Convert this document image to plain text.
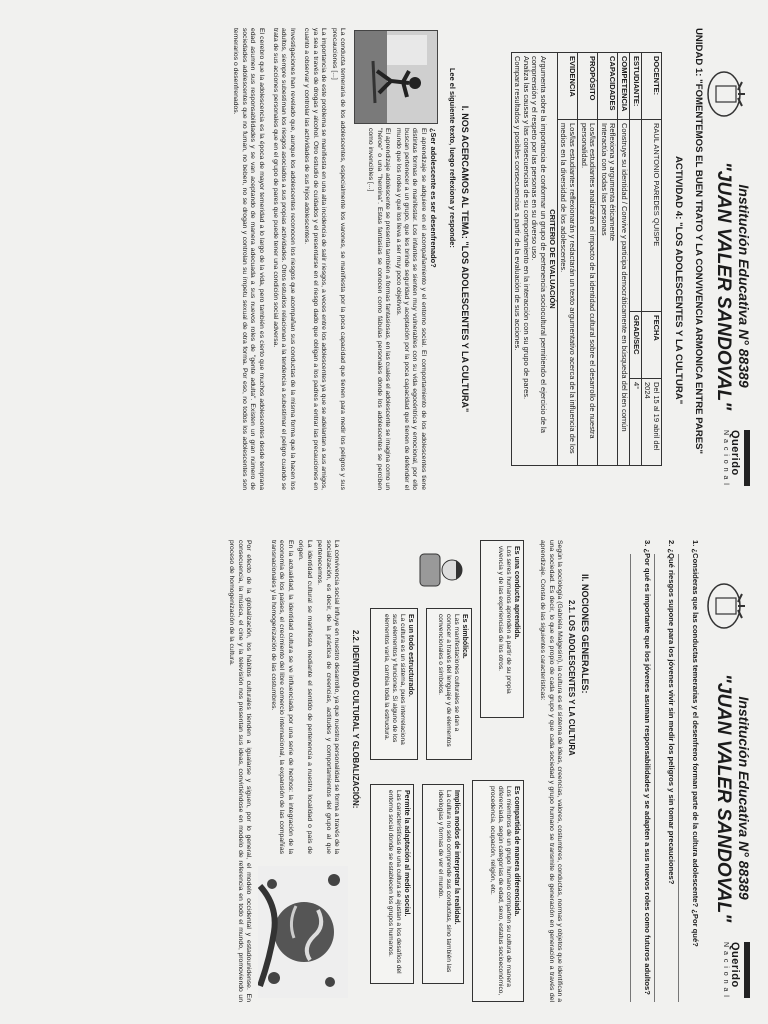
Institución Educativa N° 88389
"JUAN VALER SANDOVAL"
Querido
N a c i o n a l
UNIDAD 1: "FOMENTEMOS EL BUEN TRATO Y LA CONVIVENCIA ARMONICA ENTRE PARES"
ACTIVIDAD 4: "LOS ADOLESCENTES Y LA CULTURA"
DOCENTE:	RAUL ANTONIO PAREDES QUISPE	FECHA	Del 15 al 19 abril del 2024
ESTUDIANTE:		GRAD/SEC	4°
COMPETENCIA	Construye su identidad / Convive y participa democráticamente en búsqueda del bien común		
CAPACIDADES	Reflexiona y argumenta éticamente
Interactúa con todas las personas		

PROPÓSITO	Los/las estudiantes analizarán el impacto de la identidad cultural sobre el desarrollo de nuestra personalidad.		
EVIDENCIA	Los/las estudiantes reflexionarán y redactarán un texto argumentativo acerca de la influencia de los medios en la diversidad de los adolescentes.		

CRITERIO DE EVALUACIÓN
Argumenta sobre la importancia de conformar un grupo de pertenencia sociocultural permitiendo el ejercicio de la comprensión y el respeto por las personas en su diverso uso.
Analiza las causas y las consecuencias de su comportamiento en la interacción con su grupo de pares.
Compara resultados y posibles consecuencias a partir de la evaluación de sus acciones.			
I. NOS ACERCAMOS AL TEMA: "LOS ADOLESCENTES Y LA CULTURA"
Lee el siguiente texto, luego reflexiona y responde:
¿Ser adolescente es ser desenfrenado?

El aprendizaje se adquiere en el acompañamiento y el entorno social. El comportamiento de los adolescentes tiene distintas formas de manifestar. Los infantes se sienten muy vulnerables con su vida egocéntrica y emocional, por ello buscan pertenecer a un grupo, que les brinde seguridad y aceptación por la poca capacidad que tienen de defender el mundo que los rodea y que los lleva a ser muy poco objetivos.

El aprendizaje adolescente se presenta también a formas fantasiosas, en las cuales el adolescente se imagina como un "héroe" o una "heroína". Estas fantasías se conocen como fábulas personales donde los adolescentes se perciben como invencibles [...]

La conducta temeraria de los adolescentes, especialmente los varones, se manifiesta por la poca capacidad que tienen para medir los peligros y sus precauciones [...]

La importancia de este problema se manifiesta en una alta incidencia de salir riesgos, a veces entre los adolescentes ya que se adelantan a sus amigos, ya sea a través de drogas y alcohol. Otro estudio de cuidados y el presentarse en el riesgo dado que obligan a los padres a entrar las precauciones en cuanto a observar y controlar las actividades de sus hijos adolescentes.

Investigaciones han revelado que, aunque los adolescentes reconocen los riesgos que acompañan sus conductas de la misma forma que la hacen los adultos, siempre subestiman los riesgos asociados a sus propias actividades. Otros estudios relacionan a la tendencia a subestimar el peligro cuando se trata de sus acciones personales que en el grupo de pares que puede tener una condición social adversa.

El cerebro que la adolescencia es la época de mayor temeridad a lo largo de la vida, pero también es cierto que muchos adolescentes desde temprana edad asumen sus responsabilidades y se van aceptando de manera adecuada a sus nuevos roles de "gente adulta". Existen un gran número de sociedades adolescentes que no fuman, no beben, no se drogan y controlan su ímpetu sexual de otra forma. Por eso, no todos los adolescentes son temerarios o desenfrenados.

Institución Educativa N° 88389
"JUAN VALER SANDOVAL"
Querido
N a c i o n a l
1. ¿Consideras que las conductas temerarias y el desenfreno forman parte de la cultura adolescente? ¿Por qué?
2. ¿Qué riesgos supone para los jóvenes vivir sin medir los peligros y sin tomar precauciones?
3. ¿Por qué es importante que los jóvenes asuman responsabilidades y se adapten a sus nuevos roles como futuros adultos?
II. NOCIONES GENERALES:
2.1. LOS ADOLESCENTES Y LA CULTURA
Según la sociología (Gabriela Malgesini), la cultura es el sistema de ideas, creencias, valores, costumbres, conductas, normas y objetos que identifican a una sociedad. Es decir, lo que es propio de cada grupo y que cada sociedad y grupo humano se transmite de generación en generación a través del aprendizaje. Consta de las siguientes características:
Es una conducta aprendida.
Los seres humanos aprenden a partir de su propia vivencia y de las experiencias de los otros.
Es compartida de manera diferenciada.
Los miembros de un grupo humano comparten su cultura de manera diferenciada, según categorías de edad, sexo, estatus socioeconómico, procedencia, ocupación, religión, etc.
Es simbólica.
Las manifestaciones culturales se dan a conocer a través del lenguaje y de elementos convencionales o símbolos.
Implica modos de interpretar la realidad.
La cultura no solo comprende sus conductas, sino también las ideologías y formas de ver el mundo.
Es un todo estructurado.
La cultura es un sistema, pues interrelaciona sus elementos y funciones. Si alguno de los elementos varía, cambia toda la estructura.
Permite la adaptación al medio social.
Las características de una cultura se ajustan a los desafíos del entorno social donde se establecen los grupos humanos.
2.2. IDENTIDAD CULTURAL Y GLOBALIZACIÓN:

La convivencia social influye en nuestro desarrollo, ya que nuestra personalidad se forma a través de la socialización, es decir, de la práctica de creencias, actitudes y comportamientos del grupo al que pertenecemos.

La identidad cultural se manifiesta mediante el sentido de pertenencia a nuestra localidad o país de origen.

En la actualidad, la identidad cultura se ve influenciada por una serie de hechos: la integración de la economía de los países, el crecimiento del libre comercio internacional, la expansión de las compañías transnacionales y la homogenización de las costumbres.

Por efecto de la globalización, los hábitos culturales tienden a igualarse y siguen, por lo general, el modelo occidental y estadounidense. En consecuencia, la música, el cine y la televisión nos presentan sus ideas, convirtiéndose en modelo de referencia en todo el mundo, promoviendo un proceso de homogenización de la cultura.
